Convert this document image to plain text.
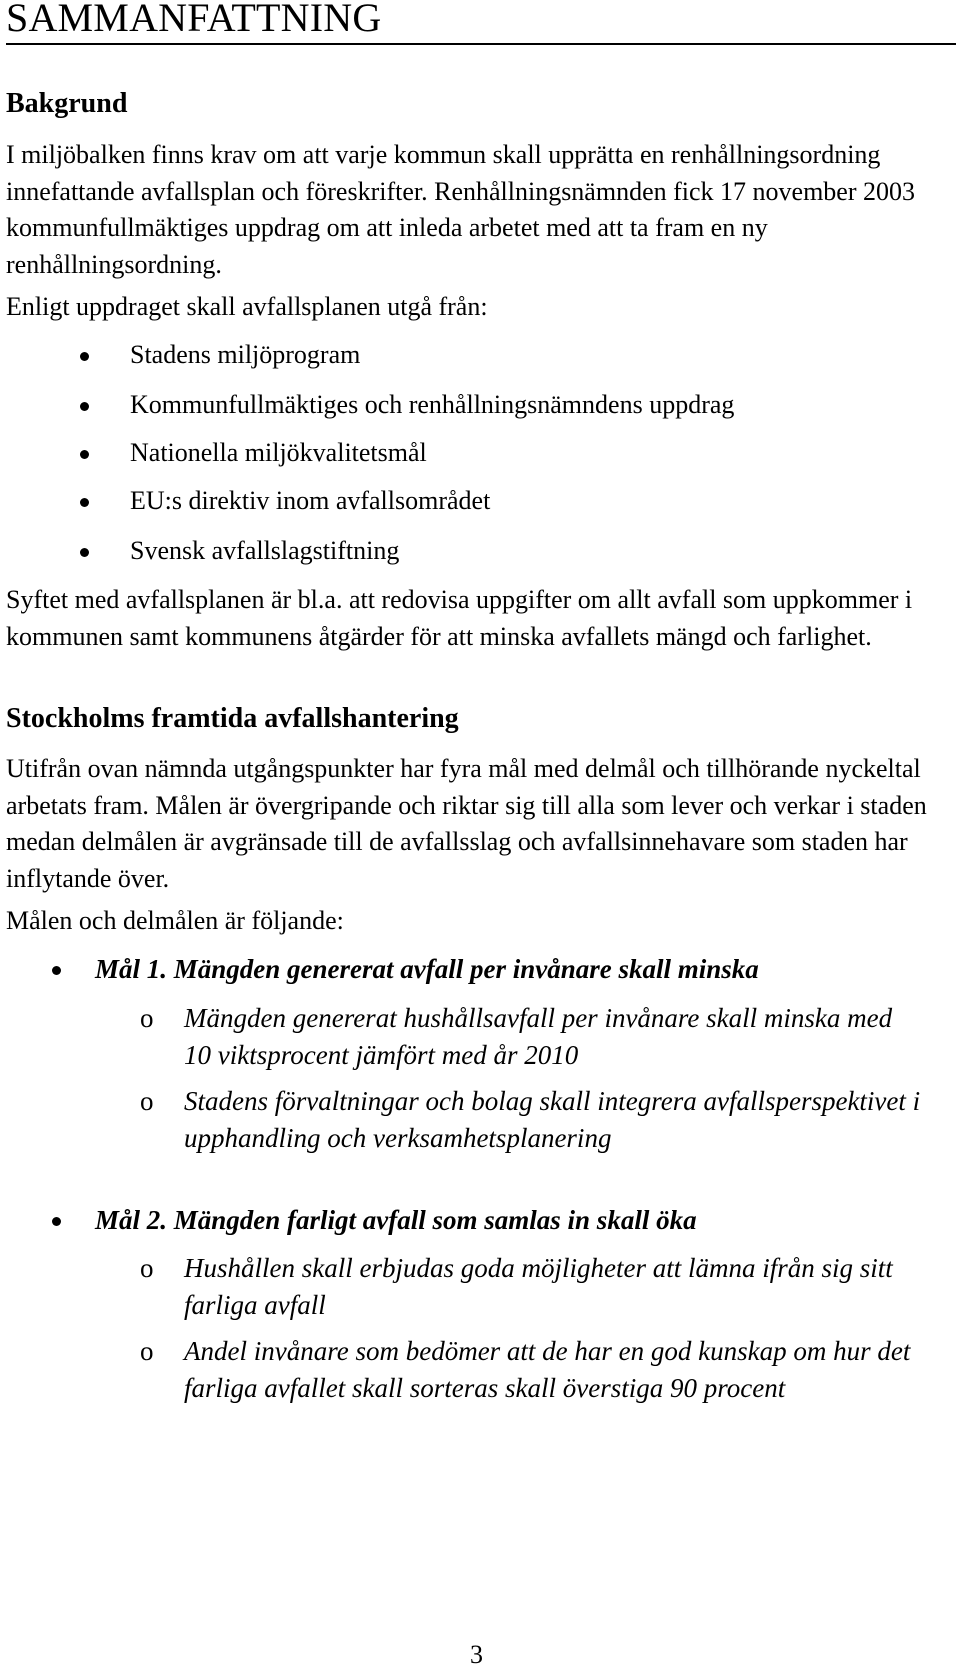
SAMMANFATTNING
Bakgrund

I miljöbalken finns krav om att varje kommun skall upprätta en renhållningsordning innefattande avfallsplan och föreskrifter. Renhållningsnämnden fick 17 november 2003 kommunfullmäktiges uppdrag om att inleda arbetet med att ta fram en ny renhållningsordning.

Enligt uppdraget skall avfallsplanen utgå från:

Stadens miljöprogram
Kommunfullmäktiges och renhållningsnämndens uppdrag
Nationella miljökvalitetsmål
EU:s direktiv inom avfallsområdet
Svensk avfallslagstiftning

Syftet med avfallsplanen är bl.a. att redovisa uppgifter om allt avfall som uppkommer i kommunen samt kommunens åtgärder för att minska avfallets mängd och farlighet.

Stockholms framtida avfallshantering

Utifrån ovan nämnda utgångspunkter har fyra mål med delmål och tillhörande nyckeltal arbetats fram. Målen är övergripande och riktar sig till alla som lever och verkar i staden medan delmålen är avgränsade till de avfallsslag och avfallsinnehavare som staden har inflytande över.

Målen och delmålen är följande:

Mål 1. Mängden genererat avfall per invånare skall minska
o Mängden genererat hushållsavfall per invånare skall minska med 10 viktsprocent jämfört med år 2010
o Stadens förvaltningar och bolag skall integrera avfallsperspektivet i upphandling och verksamhetsplanering
Mål 2. Mängden farligt avfall som samlas in skall öka
o Hushållen skall erbjudas goda möjligheter att lämna ifrån sig sitt farliga avfall
o Andel invånare som bedömer att de har en god kunskap om hur det farliga avfallet skall sorteras skall överstiga 90 procent
3
